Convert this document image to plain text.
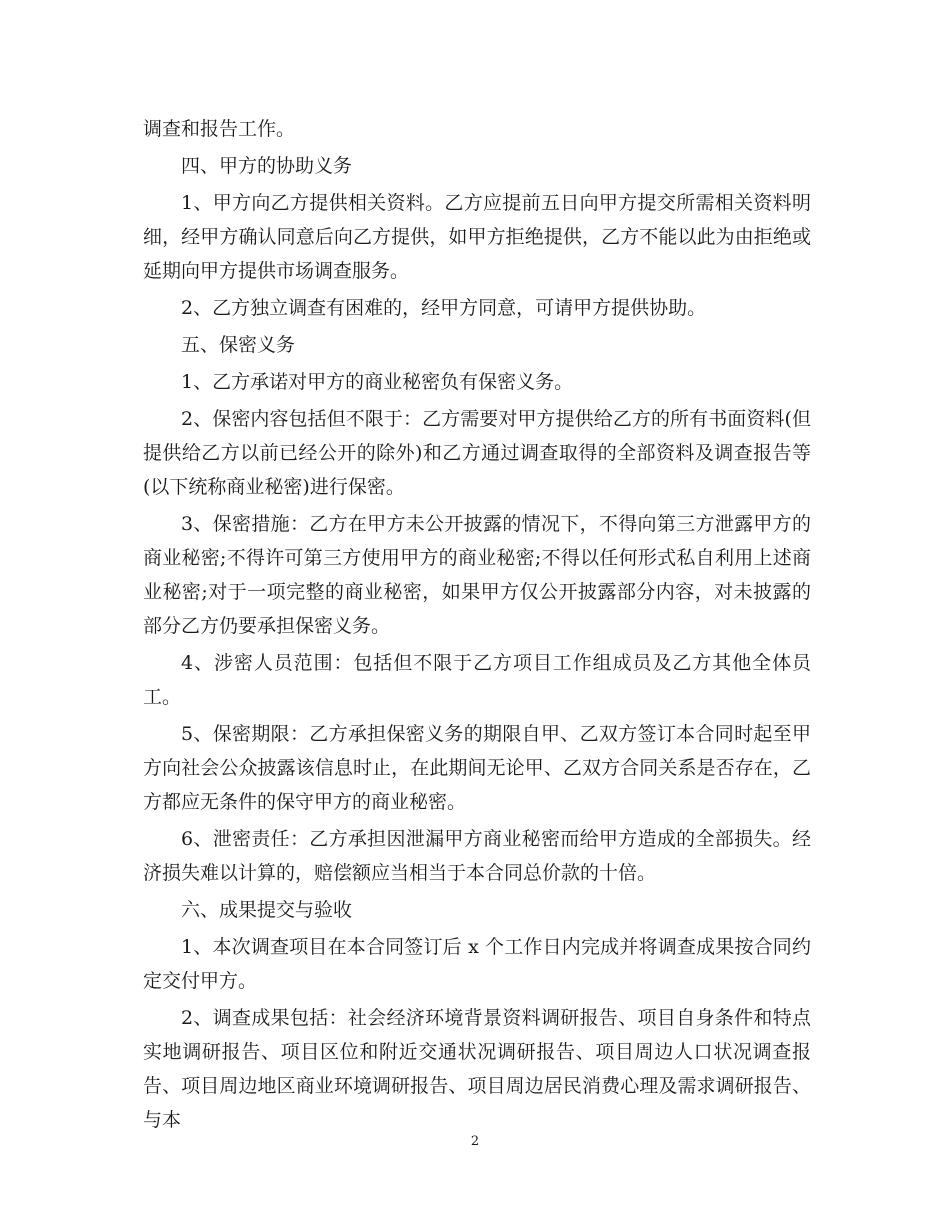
调查和报告工作。

四、甲方的协助义务

1、甲方向乙方提供相关资料。乙方应提前五日向甲方提交所需相关资料明细，经甲方确认同意后向乙方提供，如甲方拒绝提供，乙方不能以此为由拒绝或延期向甲方提供市场调查服务。

2、乙方独立调查有困难的，经甲方同意，可请甲方提供协助。

五、保密义务

1、乙方承诺对甲方的商业秘密负有保密义务。

2、保密内容包括但不限于：乙方需要对甲方提供给乙方的所有书面资料(但提供给乙方以前已经公开的除外)和乙方通过调查取得的全部资料及调查报告等(以下统称商业秘密)进行保密。

3、保密措施：乙方在甲方未公开披露的情况下，不得向第三方泄露甲方的商业秘密;不得许可第三方使用甲方的商业秘密;不得以任何形式私自利用上述商业秘密;对于一项完整的商业秘密，如果甲方仅公开披露部分内容，对未披露的部分乙方仍要承担保密义务。

4、涉密人员范围：包括但不限于乙方项目工作组成员及乙方其他全体员工。

5、保密期限：乙方承担保密义务的期限自甲、乙双方签订本合同时起至甲方向社会公众披露该信息时止，在此期间无论甲、乙双方合同关系是否存在，乙方都应无条件的保守甲方的商业秘密。

6、泄密责任：乙方承担因泄漏甲方商业秘密而给甲方造成的全部损失。经济损失难以计算的，赔偿额应当相当于本合同总价款的十倍。

六、成果提交与验收

1、本次调查项目在本合同签订后 x 个工作日内完成并将调查成果按合同约定交付甲方。

2、调查成果包括：社会经济环境背景资料调研报告、项目自身条件和特点实地调研报告、项目区位和附近交通状况调研报告、项目周边人口状况调查报告、项目周边地区商业环境调研报告、项目周边居民消费心理及需求调研报告、与本

2
